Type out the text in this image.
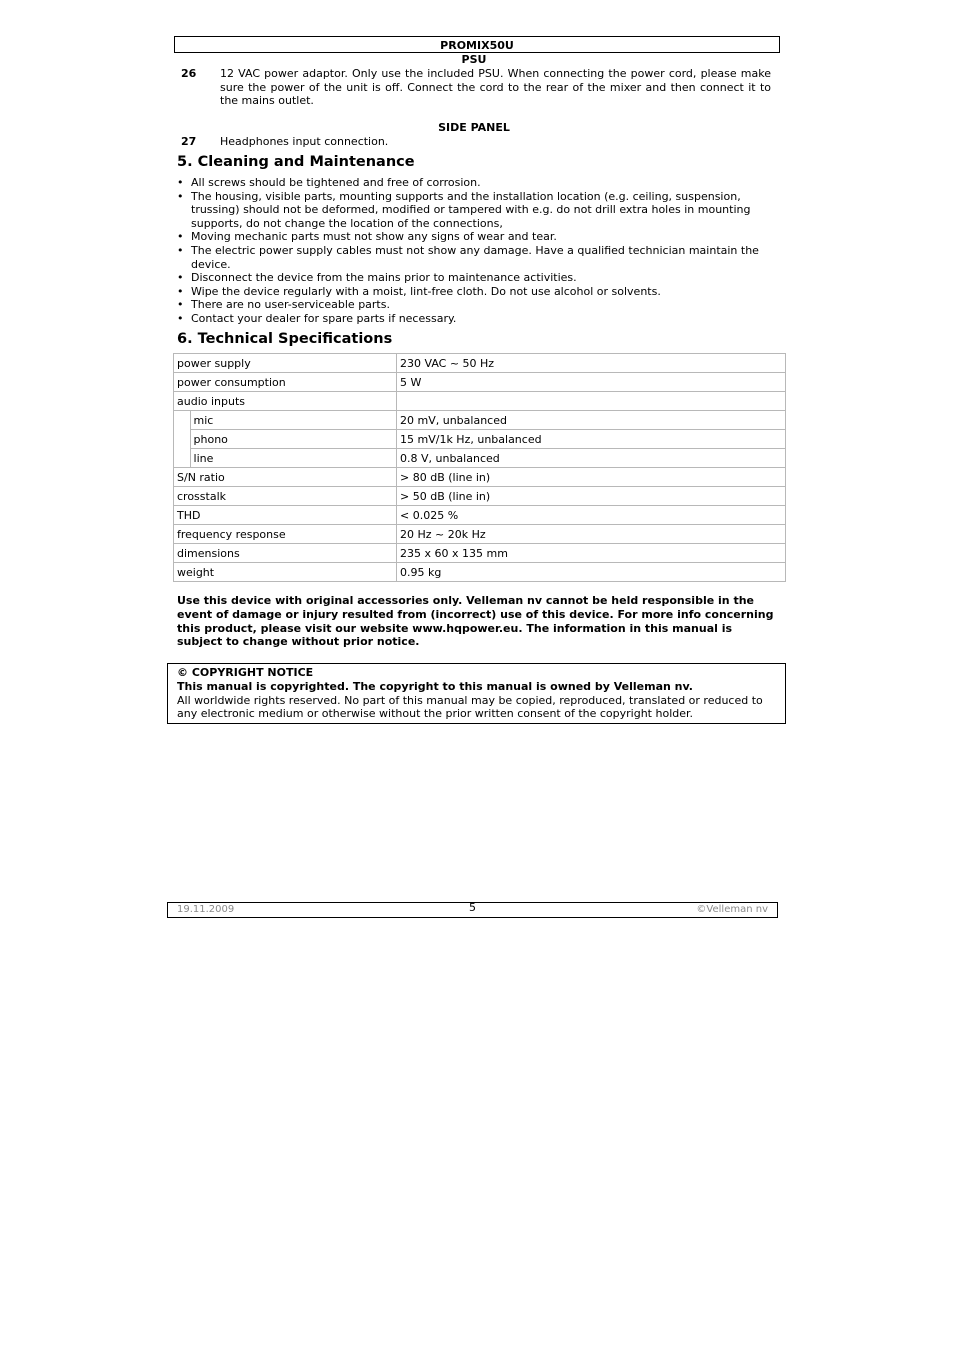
PROMIX50U
PSU
26 12 VAC power adaptor. Only use the included PSU. When connecting the power cord, please make sure the power of the unit is off. Connect the cord to the rear of the mixer and then connect it to the mains outlet.
SIDE PANEL
27 Headphones input connection.
5. Cleaning and Maintenance
• All screws should be tightened and free of corrosion.
• The housing, visible parts, mounting supports and the installation location (e.g. ceiling, suspension, trussing) should not be deformed, modified or tampered with e.g. do not drill extra holes in mounting supports, do not change the location of the connections,
• Moving mechanic parts must not show any signs of wear and tear.
• The electric power supply cables must not show any damage. Have a qualified technician maintain the device.
• Disconnect the device from the mains prior to maintenance activities.
• Wipe the device regularly with a moist, lint-free cloth. Do not use alcohol or solvents.
• There are no user-serviceable parts.
• Contact your dealer for spare parts if necessary.
6. Technical Specifications
power supply		230 VAC ~ 50 Hz
power consumption		5 W
audio inputs		
	mic	20 mV, unbalanced
	phono	15 mV/1k Hz, unbalanced
	line	0.8 V, unbalanced
S/N ratio		> 80 dB (line in)
crosstalk		> 50 dB (line in)
THD		< 0.025 %
frequency response		20 Hz ~ 20k Hz
dimensions		235 x 60 x 135 mm
weight		0.95 kg
Use this device with original accessories only. Velleman nv cannot be held responsible in the event of damage or injury resulted from (incorrect) use of this device. For more info concerning this product, please visit our website www.hqpower.eu. The information in this manual is subject to change without prior notice.
© COPYRIGHT NOTICE
This manual is copyrighted. The copyright to this manual is owned by Velleman nv.
All worldwide rights reserved. No part of this manual may be copied, reproduced, translated or reduced to any electronic medium or otherwise without the prior written consent of the copyright holder.
19.11.2009	5	©Velleman nv
